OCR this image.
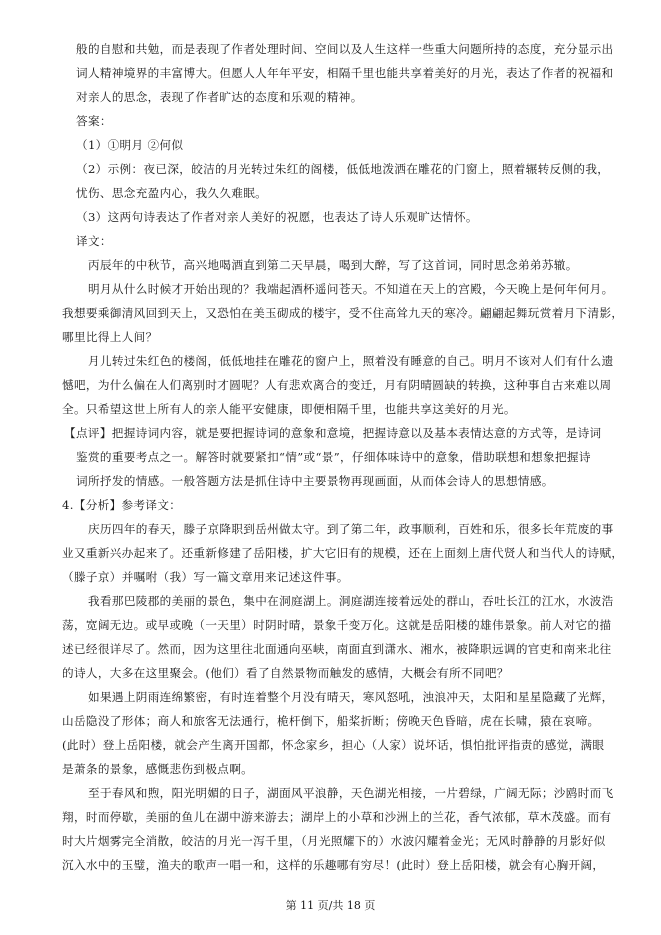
般的自慰和共勉，而是表现了作者处理时间、空间以及人生这样一些重大问题所持的态度，充分显示出
词人精神境界的丰富博大。但愿人人年年平安，相隔千里也能共享着美好的月光，表达了作者的祝福和
对亲人的思念，表现了作者旷达的态度和乐观的精神。
答案：
（1）①明月 ②何似
（2）示例：夜已深，皎洁的月光转过朱红的阁楼，低低地泼洒在雕花的门窗上，照着辗转反侧的我，
忧伤、思念充盈内心，我久久难眠。
（3）这两句诗表达了作者对亲人美好的祝愿，也表达了诗人乐观旷达情怀。
译文：
丙辰年的中秋节，高兴地喝酒直到第二天早晨，喝到大醉，写了这首词，同时思念弟弟苏辙。
明月从什么时候才开始出现的？我端起酒杯遥问苍天。不知道在天上的宫殿，今天晚上是何年何月。
我想要乘御清风回到天上，又恐怕在美玉砌成的楼宇，受不住高耸九天的寒冷。翩翩起舞玩赏着月下清影，
哪里比得上人间？
月儿转过朱红色的楼阁，低低地挂在雕花的窗户上，照着没有睡意的自己。明月不该对人们有什么遗
憾吧，为什么偏在人们离别时才圆呢？人有悲欢离合的变迁，月有阴晴圆缺的转换，这种事自古来难以周
全。只希望这世上所有人的亲人能平安健康，即便相隔千里，也能共享这美好的月光。
【点评】把握诗词内容，就是要把握诗词的意象和意境，把握诗意以及基本表情达意的方式等，是诗词
鉴赏的重要考点之一。解答时就要紧扣“情”或“景”，仔细体味诗中的意象，借助联想和想象把握诗
词所抒发的情感。一般答题方法是抓住诗中主要景物再现画面，从而体会诗人的思想情感。
4.【分析】参考译文：
庆历四年的春天，滕子京降职到岳州做太守。到了第二年，政事顺利，百姓和乐，很多长年荒废的事
业又重新兴办起来了。还重新修建了岳阳楼，扩大它旧有的规模，还在上面刻上唐代贤人和当代人的诗赋，
（滕子京）并嘱咐（我）写一篇文章用来记述这件事。
我看那巴陵郡的美丽的景色，集中在洞庭湖上。洞庭湖连接着远处的群山，吞吐长江的江水，水波浩
荡，宽阔无边。或早或晚（一天里）时阴时晴，景象千变万化。这就是岳阳楼的雄伟景象。前人对它的描
述已经很详尽了。然而，因为这里往北面通向巫峡，南面直到潇水、湘水，被降职远调的官吏和南来北往
的诗人，大多在这里聚会。(他们）看了自然景物而触发的感情，大概会有所不同吧？
如果遇上阴雨连绵繁密，有时连着整个月没有晴天，寒风怒吼，浊浪冲天，太阳和星星隐藏了光辉，
山岳隐没了形体；商人和旅客无法通行，桅杆倒下，船桨折断；傍晚天色昏暗，虎在长啸，猿在哀啼。
(此时）登上岳阳楼，就会产生离开国都，怀念家乡，担心（人家）说坏话，惧怕批评指责的感觉，满眼
是萧条的景象，感慨悲伤到极点啊。
至于春风和煦，阳光明媚的日子，湖面风平浪静，天色湖光相接，一片碧绿，广阔无际；沙鸥时而飞
翔，时而停歇，美丽的鱼儿在湖中游来游去；湖岸上的小草和沙洲上的兰花，香气浓郁，草木茂盛。而有
时大片烟雾完全消散，皎洁的月光一泻千里，（月光照耀下的）水波闪耀着金光；无风时静静的月影好似
沉入水中的玉璧，渔夫的歌声一唱一和，这样的乐趣哪有穷尽！(此时）登上岳阳楼，就会有心胸开阔，
第 11 页/共 18 页
